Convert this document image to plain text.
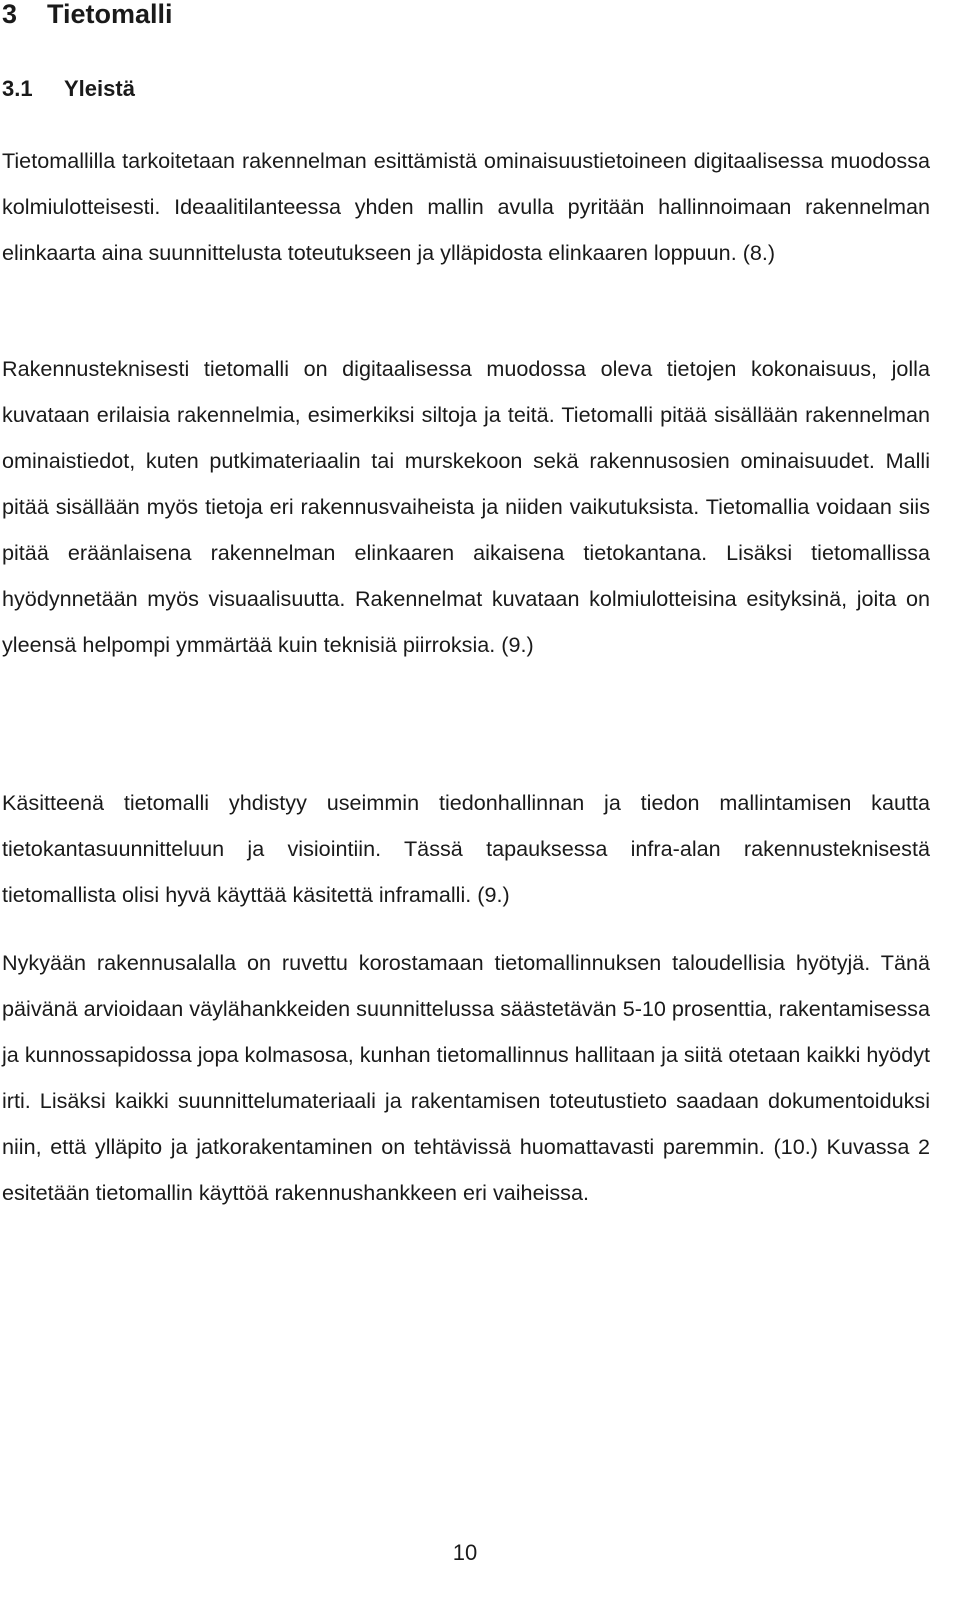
3 Tietomalli
3.1 Yleistä

Tietomallilla tarkoitetaan rakennelman esittämistä ominaisuustietoineen digitaalisessa muodossa kolmiulotteisesti. Ideaalitilanteessa yhden mallin avulla pyritään hallinnoimaan rakennelman elinkaarta aina suunnittelusta toteutukseen ja ylläpidosta elinkaaren loppuun. (8.)

Rakennusteknisesti tietomalli on digitaalisessa muodossa oleva tietojen kokonaisuus, jolla kuvataan erilaisia rakennelmia, esimerkiksi siltoja ja teitä. Tietomalli pitää sisällään rakennelman ominaistiedot, kuten putkimateriaalin tai murskekoon sekä rakennusosien ominaisuudet. Malli pitää sisällään myös tietoja eri rakennusvaiheista ja niiden vaikutuksista. Tietomallia voidaan siis pitää eräänlaisena rakennelman elinkaaren aikaisena tietokantana. Lisäksi tietomallissa hyödynnetään myös visuaalisuutta. Rakennelmat kuvataan kolmiulotteisina esityksinä, joita on yleensä helpompi ymmärtää kuin teknisiä piirroksia. (9.)

Käsitteenä tietomalli yhdistyy useimmin tiedonhallinnan ja tiedon mallintamisen kautta tietokantasuunnitteluun ja visiointiin. Tässä tapauksessa infra-alan rakennusteknisestä tietomallista olisi hyvä käyttää käsitettä inframalli. (9.)

Nykyään rakennusalalla on ruvettu korostamaan tietomallinnuksen taloudellisia hyötyjä. Tänä päivänä arvioidaan väylähankkeiden suunnittelussa säästetävän 5-10 prosenttia, rakentamisessa ja kunnossapidossa jopa kolmasosa, kunhan tietomallinnus hallitaan ja siitä otetaan kaikki hyödyt irti. Lisäksi kaikki suunnittelumateriaali ja rakentamisen toteutustieto saadaan dokumentoiduksi niin, että ylläpito ja jatkorakentaminen on tehtävissä huomattavasti paremmin. (10.) Kuvassa 2 esitetään tietomallin käyttöä rakennushankkeen eri vaiheissa.

10
